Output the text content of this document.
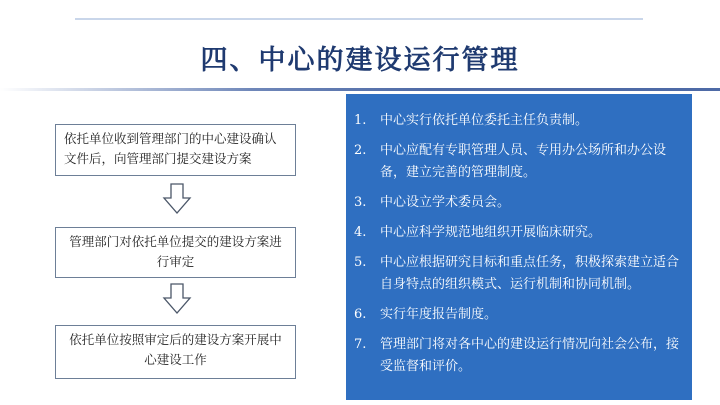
四、中心的建设运行管理
依托单位收到管理部门的中心建设确认文件后，向管理部门提交建设方案
管理部门对依托单位提交的建设方案进行审定
依托单位按照审定后的建设方案开展中心建设工作
1.	中心实行依托单位委托主任负责制。
2.	中心应配有专职管理人员、专用办公场所和办公设备，建立完善的管理制度。
3.	中心设立学术委员会。
4.	中心应科学规范地组织开展临床研究。
5.	中心应根据研究目标和重点任务，积极探索建立适合自身特点的组织模式、运行机制和协同机制。
6.	实行年度报告制度。
7.	管理部门将对各中心的建设运行情况向社会公布，接受监督和评价。
